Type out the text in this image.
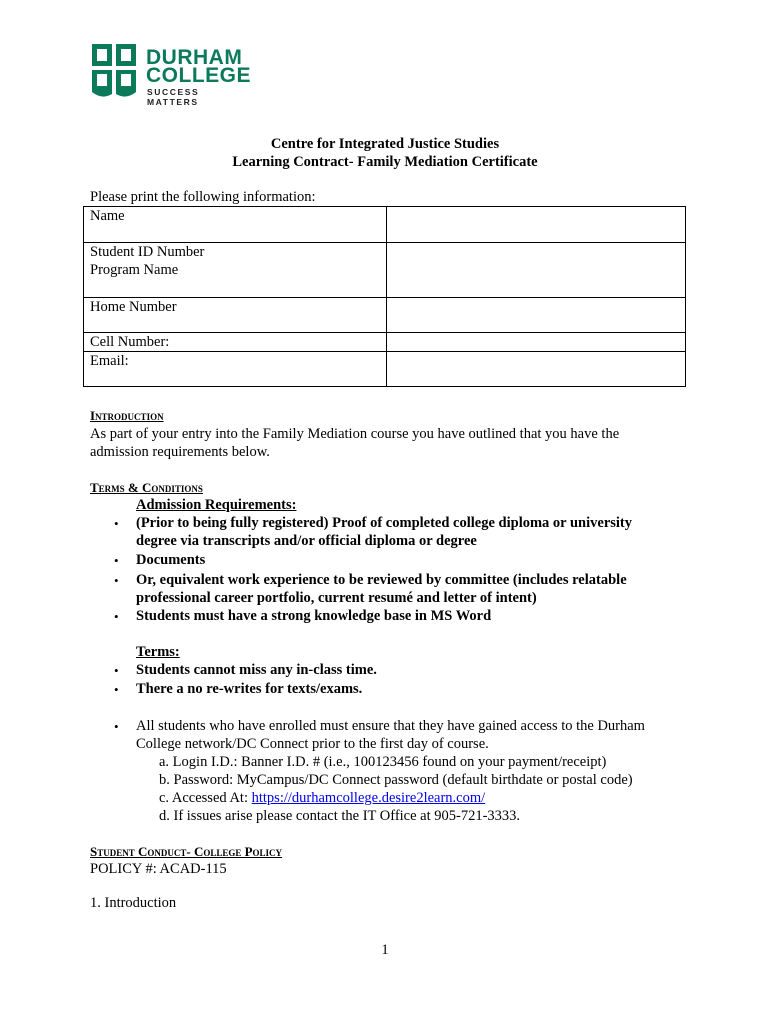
DURHAM
COLLEGE
SUCCESS MATTERS
Centre for Integrated Justice Studies
Learning Contract- Family Mediation Certificate
Please print the following information:
Name	
Student ID Number
Program Name	
Home Number	
Cell Number:	
Email:	
Introduction
As part of your entry into the Family Mediation course you have outlined that you have the
admission requirements below.
Terms & Conditions
Admission Requirements:
• (Prior to being fully registered) Proof of completed college diploma or university
degree via transcripts and/or official diploma or degree
• Documents
• Or, equivalent work experience to be reviewed by committee (includes relatable
professional career portfolio, current resumé and letter of intent)
• Students must have a strong knowledge base in MS Word
Terms:
• Students cannot miss any in-class time.
• There a no re-writes for texts/exams.
• All students who have enrolled must ensure that they have gained access to the Durham
College network/DC Connect prior to the first day of course.
a. Login I.D.: Banner I.D. # (i.e., 100123456 found on your payment/receipt)
b. Password: MyCampus/DC Connect password (default birthdate or postal code)
c. Accessed At: https://durhamcollege.desire2learn.com/
d. If issues arise please contact the IT Office at 905-721-3333.
Student Conduct- College Policy
POLICY #: ACAD-115
1. Introduction
1
